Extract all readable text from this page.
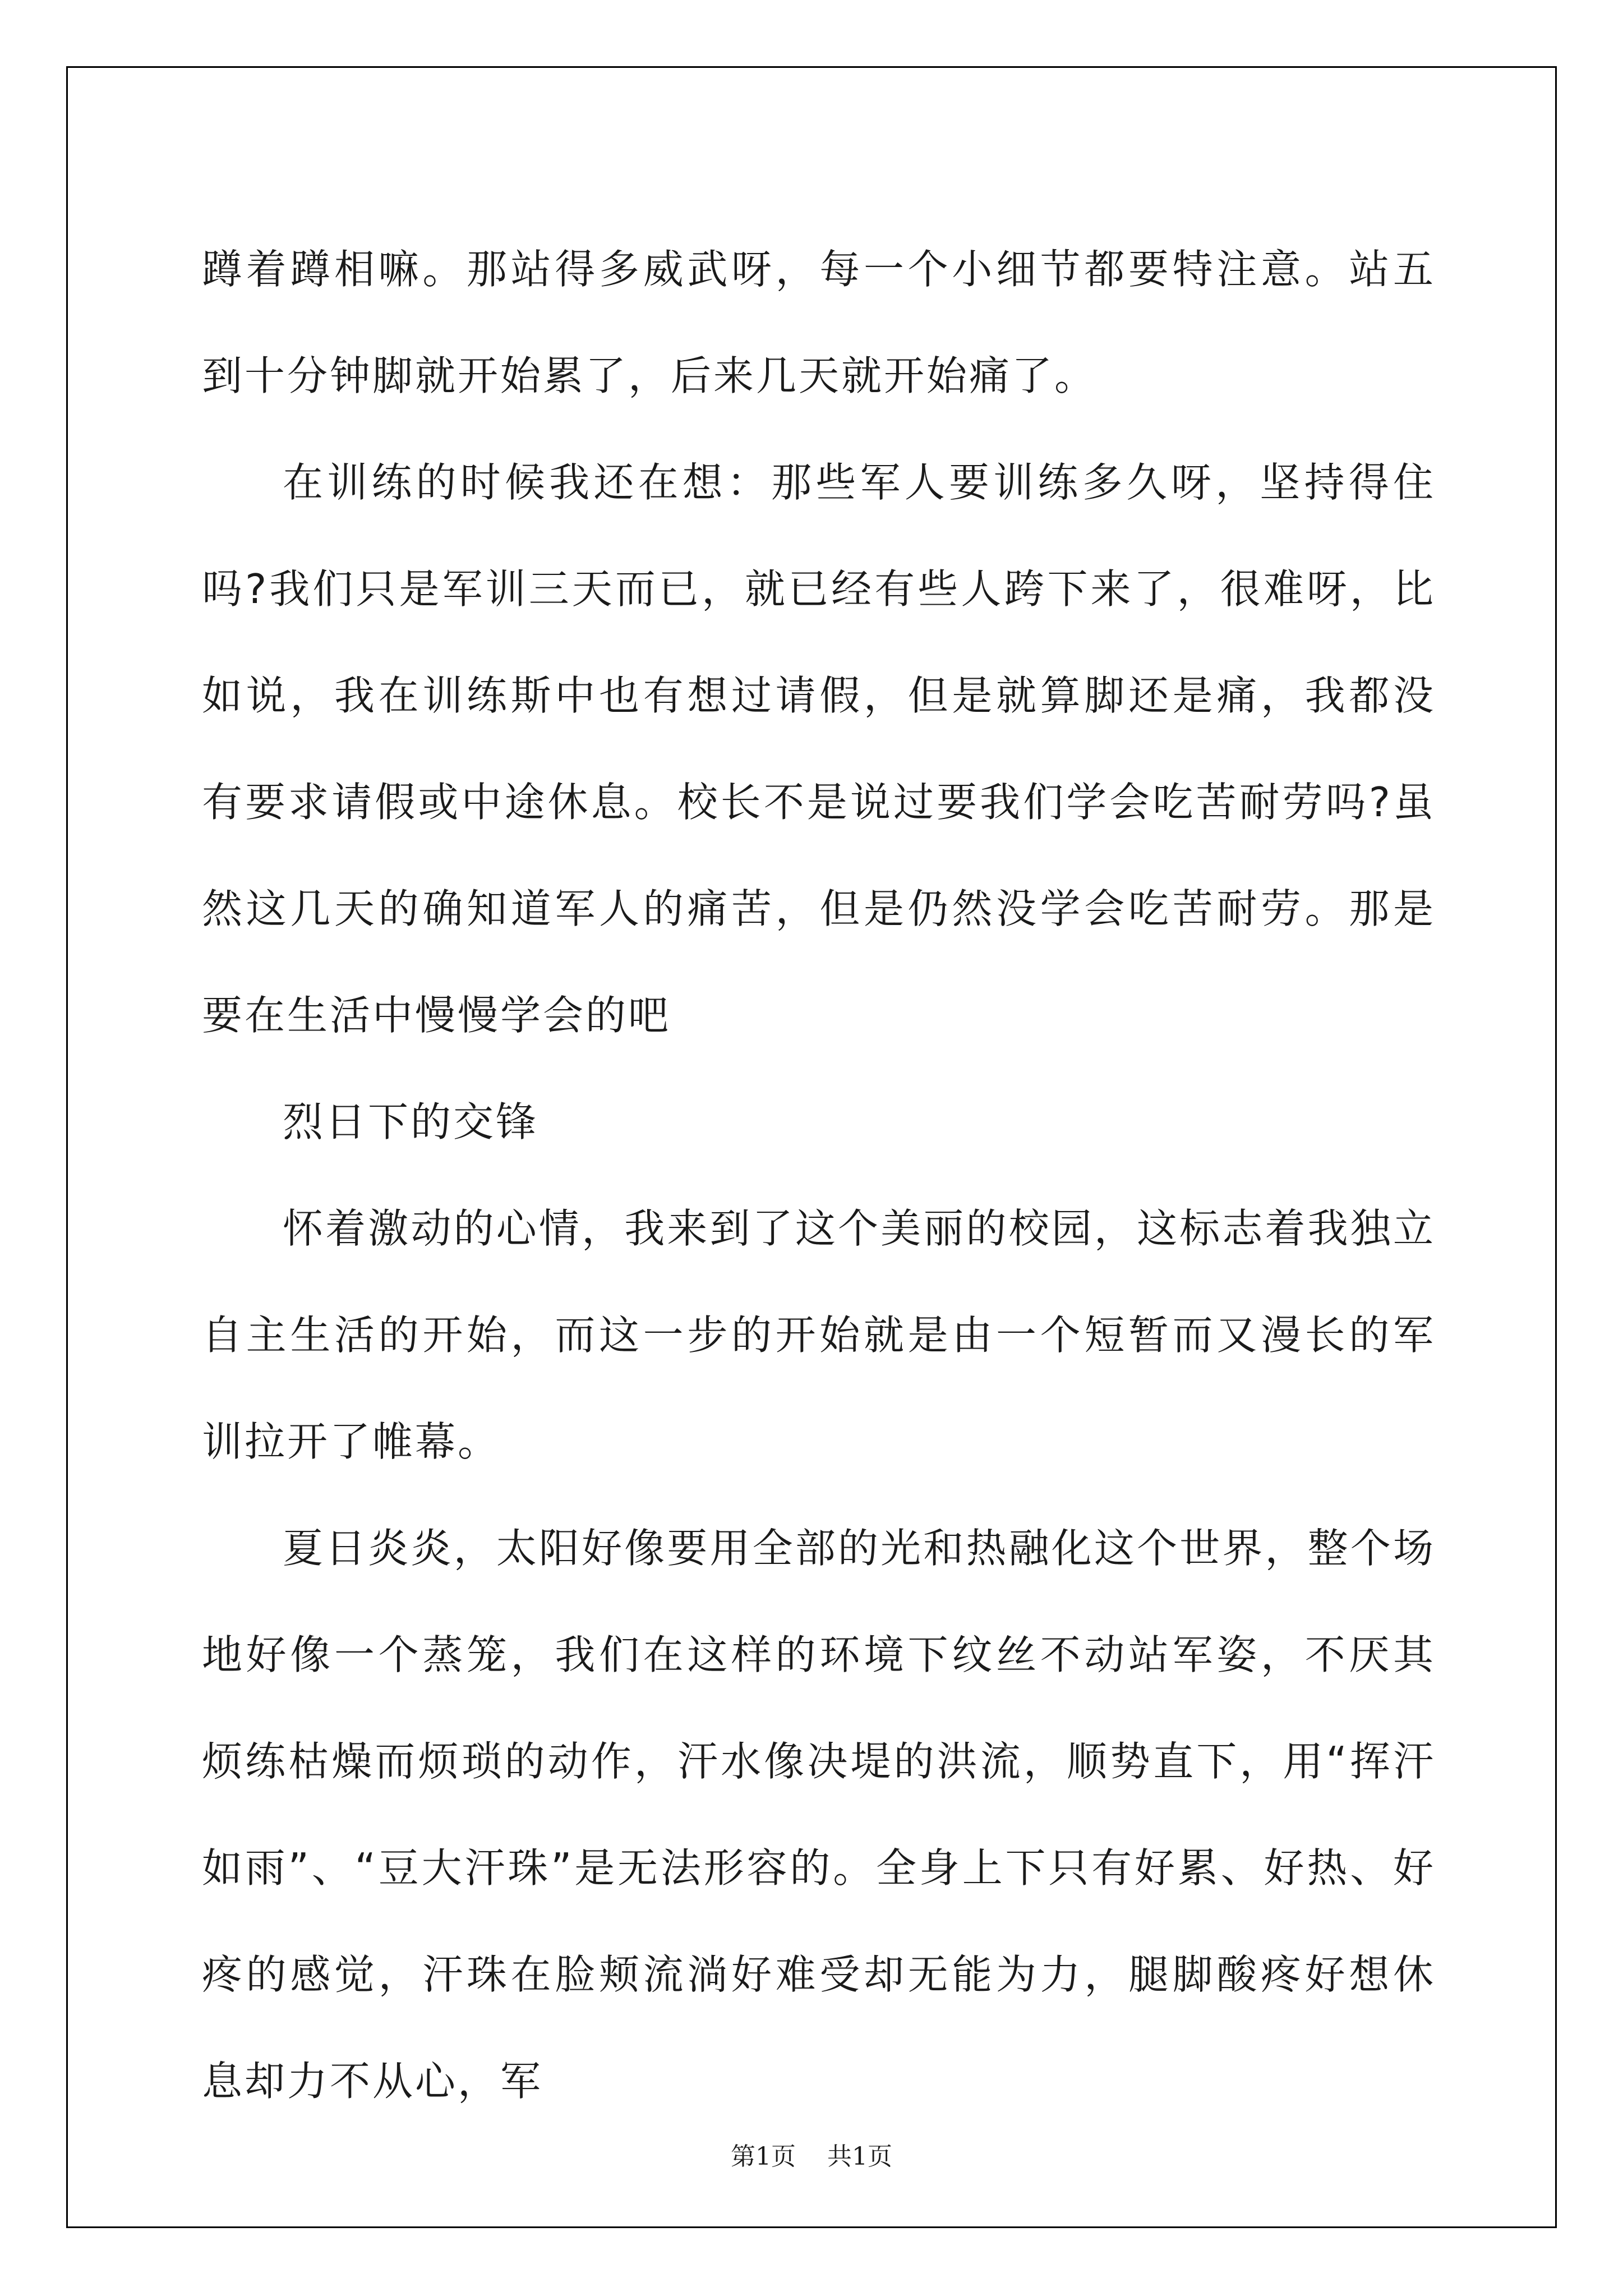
蹲着蹲相嘛。那站得多威武呀，每一个小细节都要特注意。站五到十分钟脚就开始累了，后来几天就开始痛了。

在训练的时候我还在想：那些军人要训练多久呀，坚持得住吗?我们只是军训三天而已，就已经有些人跨下来了，很难呀，比如说，我在训练斯中也有想过请假，但是就算脚还是痛，我都没有要求请假或中途休息。校长不是说过要我们学会吃苦耐劳吗?虽然这几天的确知道军人的痛苦，但是仍然没学会吃苦耐劳。那是要在生活中慢慢学会的吧

烈日下的交锋

怀着激动的心情，我来到了这个美丽的校园，这标志着我独立自主生活的开始，而这一步的开始就是由一个短暂而又漫长的军训拉开了帷幕。

夏日炎炎，太阳好像要用全部的光和热融化这个世界，整个场地好像一个蒸笼，我们在这样的环境下纹丝不动站军姿，不厌其烦练枯燥而烦琐的动作，汗水像决堤的洪流，顺势直下，用“挥汗如雨”、“豆大汗珠”是无法形容的。全身上下只有好累、好热、好疼的感觉，汗珠在脸颊流淌好难受却无能为力，腿脚酸疼好想休息却力不从心，军

第1页 共1页
